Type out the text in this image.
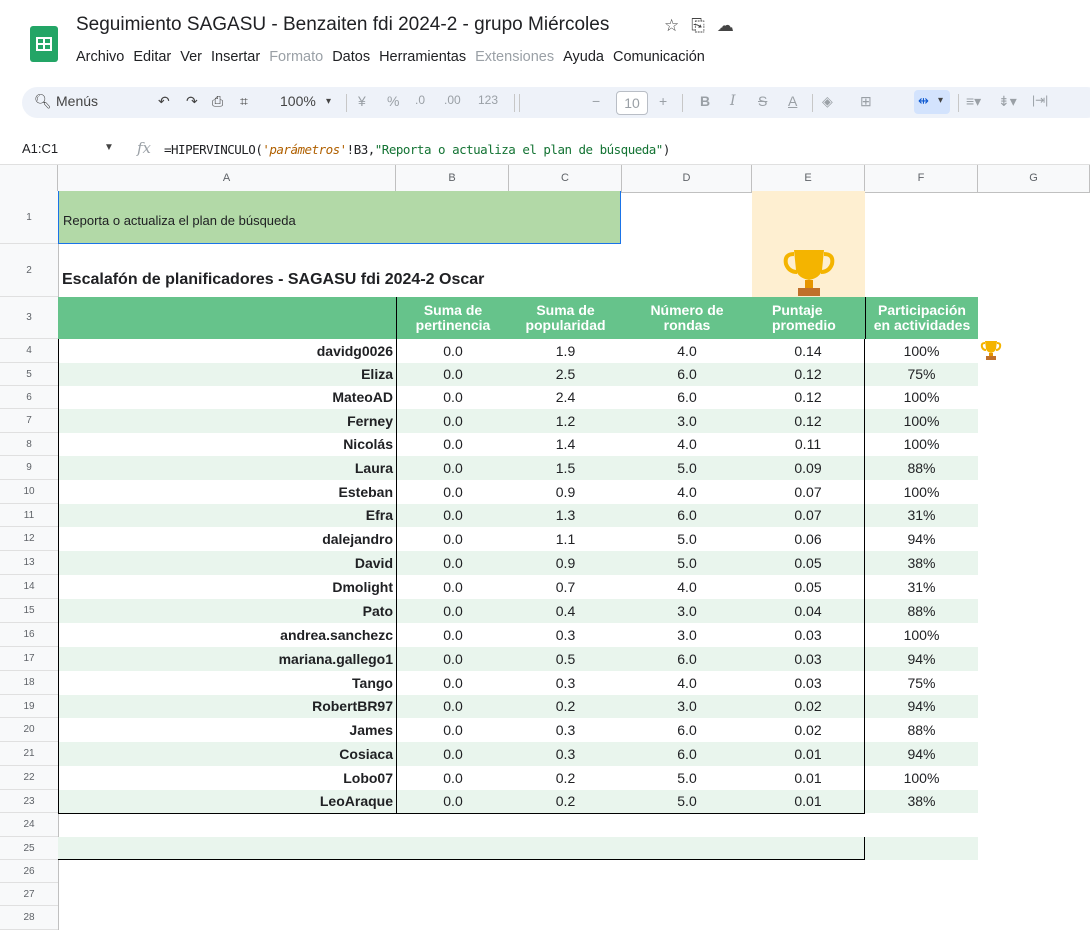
Seguimiento SAGASU - Benzaiten fdi 2024-2 - grupo Miércoles	☆⎘☁
Archivo Editar Ver Insertar Formato Datos Herramientas Extensiones Ayuda Comunicación
🔍︎ Menús	↶ ↷ ⎙ ⌗ 100% ▾ ¥ % .0 .00 123	−	10	+ B I S A ◈ ⊞	⇹ ▾ ≡▾ ⇟▾ |⇥|
A1:C1	▼ fx =HIPERVINCULO('parámetros'!B3,"Reporta o actualiza el plan de búsqueda")
A	B	C	D	E	F	G
1
2
3
4
5
6
7
8
9
10
11
12
13
14
15
16
17
18
19
20
21
22
23
24
25
26
27
28
Reporta o actualiza el plan de búsqueda
Escalafón de planificadores - SAGASU fdi 2024-2 Oscar
Suma de
pertinencia
Suma de
popularidad
Número de
rondas
Puntaje
promedio
Participación
en actividades
davidg0026	0.0	1.9	4.0	0.14	100%
Eliza	0.0	2.5	6.0	0.12	75%
MateoAD	0.0	2.4	6.0	0.12	100%
Ferney	0.0	1.2	3.0	0.12	100%
Nicolás	0.0	1.4	4.0	0.11	100%
Laura	0.0	1.5	5.0	0.09	88%
Esteban	0.0	0.9	4.0	0.07	100%
Efra	0.0	1.3	6.0	0.07	31%
dalejandro	0.0	1.1	5.0	0.06	94%
David	0.0	0.9	5.0	0.05	38%
Dmolight	0.0	0.7	4.0	0.05	31%
Pato	0.0	0.4	3.0	0.04	88%
andrea.sanchezc	0.0	0.3	3.0	0.03	100%
mariana.gallego1	0.0	0.5	6.0	0.03	94%
Tango	0.0	0.3	4.0	0.03	75%
RobertBR97	0.0	0.2	3.0	0.02	94%
James	0.0	0.3	6.0	0.02	88%
Cosiaca	0.0	0.3	6.0	0.01	94%
Lobo07	0.0	0.2	5.0	0.01	100%
LeoAraque	0.0	0.2	5.0	0.01	38%
